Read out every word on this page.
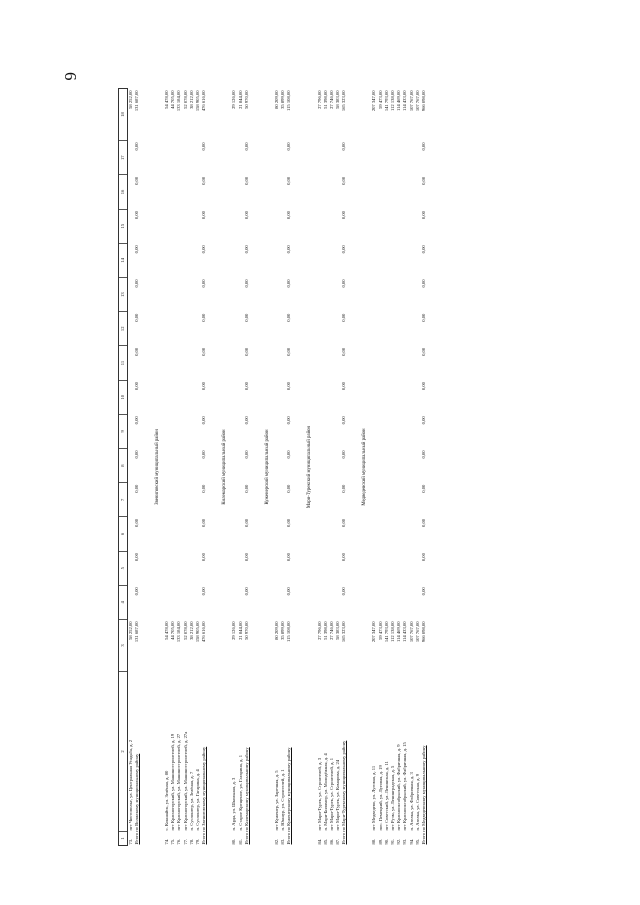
6
1	2	3	4	5	6	7	8	9	10	11	12	13	14	15	16	17	18
73.	пгт Чистополье, ул. Центральная Усадьба, д. 2	58 252,00															58 252,00
Итого по Волжскому муниципальному району		131 687,00	0,00	0,00	0,00	0,00	0,00	0,00	0,00	0,00	0,00	0,00	0,00	0,00	0,00	0,00	131 687,00

Звениговский муниципальный район																	
74.	с. Кокшайск, ул. Зелёная, д. 80	54 478,00															54 478,00
75.	пгт Красногорский, ул. Машиностроителей, д. 19	44 705,00															44 705,00
76.	пгт Красногорский, ул. Машиностроителей, д. 27	133 184,00															133 184,00
77.	пгт Красногорский, ул. Машиностроителей, д. 27а	52 078,00															52 078,00
78.	п. Суслонгер, ул. Зелёная, д. 7	38 212,00															38 212,00
79.	п. Суслонгер, ул. Гагарина, д. 4	158 905,00															158 905,00
Итого по Звениговскому муниципальному району		476 616,00	0,00	0,00	0,00	0,00	0,00	0,00	0,00	0,00	0,00	0,00	0,00	0,00	0,00	0,00	476 616,00

Килемарский муниципальный район																	
80.	п. Арда, ул. Школьная, д. 3	29 126,00															29 126,00
81.	п. Старое Крещеное, ул. Гагарина, д. 1	21 844,00															21 844,00
Итого по Килемарскому муниципальному району		50 970,00	0,00	0,00	0,00	0,00	0,00	0,00	0,00	0,00	0,00	0,00	0,00	0,00	0,00	0,00	50 970,00

Куженерский муниципальный район																	
82.	пгт Куженер, ул. Заречная, д. 5	80 209,00															80 209,00
83.	п. Юкшур, ул. Строителей, д. 1	35 899,00															35 899,00
Итого по Куженерскому муниципальному району		115 108,00	0,00	0,00	0,00	0,00	0,00	0,00	0,00	0,00	0,00	0,00	0,00	0,00	0,00	0,00	115 108,00

Мари-Турекский муниципальный район																	
84.	пгт Мари-Турек, ул. Строителей, д. 3	27 796,00															27 796,00
85.	п. Мари-Билямор, ул. Молодёжная, д. 4	51 398,00															51 398,00
86.	пгт Мари-Турек, ул. Строителей, д. 1	27 746,00															27 746,00
87.	пгт Мари-Турек, ул. Комарова, д. 24	58 383,00															58 383,00
Итого по Мари-Турекскому муниципальному району		165 323,00	0,00	0,00	0,00	0,00	0,00	0,00	0,00	0,00	0,00	0,00	0,00	0,00	0,00	0,00	165 323,00

Медведевский муниципальный район																	
88.	пгт Медведево, ул. Луговая, д. 11	207 347,00															207 347,00
89.	пос. Пемецкий, ул. Луговая, д. 19	59 473,00															59 473,00
90.	пгт Советский, ул. Ленинская, д. 11	141 793,00															141 793,00
91.	пгт Руэм, ул. Ленинградская, д. 5	112 138,00															112 138,00
92.	пгт Краснооктябрьский, ул. Фабричная, д. 9	114 469,00															114 469,00
93.	пгт Краснооктябрьский, ул. Фабричная, д. 15	114 433,00															114 433,00
94.	п. Азелка, ул. Фабричная, д. 3	107 767,00															107 767,00
95.	п. Азелка, ул. Советская, д. 9	107 767,00															107 767,00
Итого по Медведевскому муниципальному району		966 098,00	0,00	0,00	0,00	0,00	0,00	0,00	0,00	0,00	0,00	0,00	0,00	0,00	0,00	0,00	966 098,00
